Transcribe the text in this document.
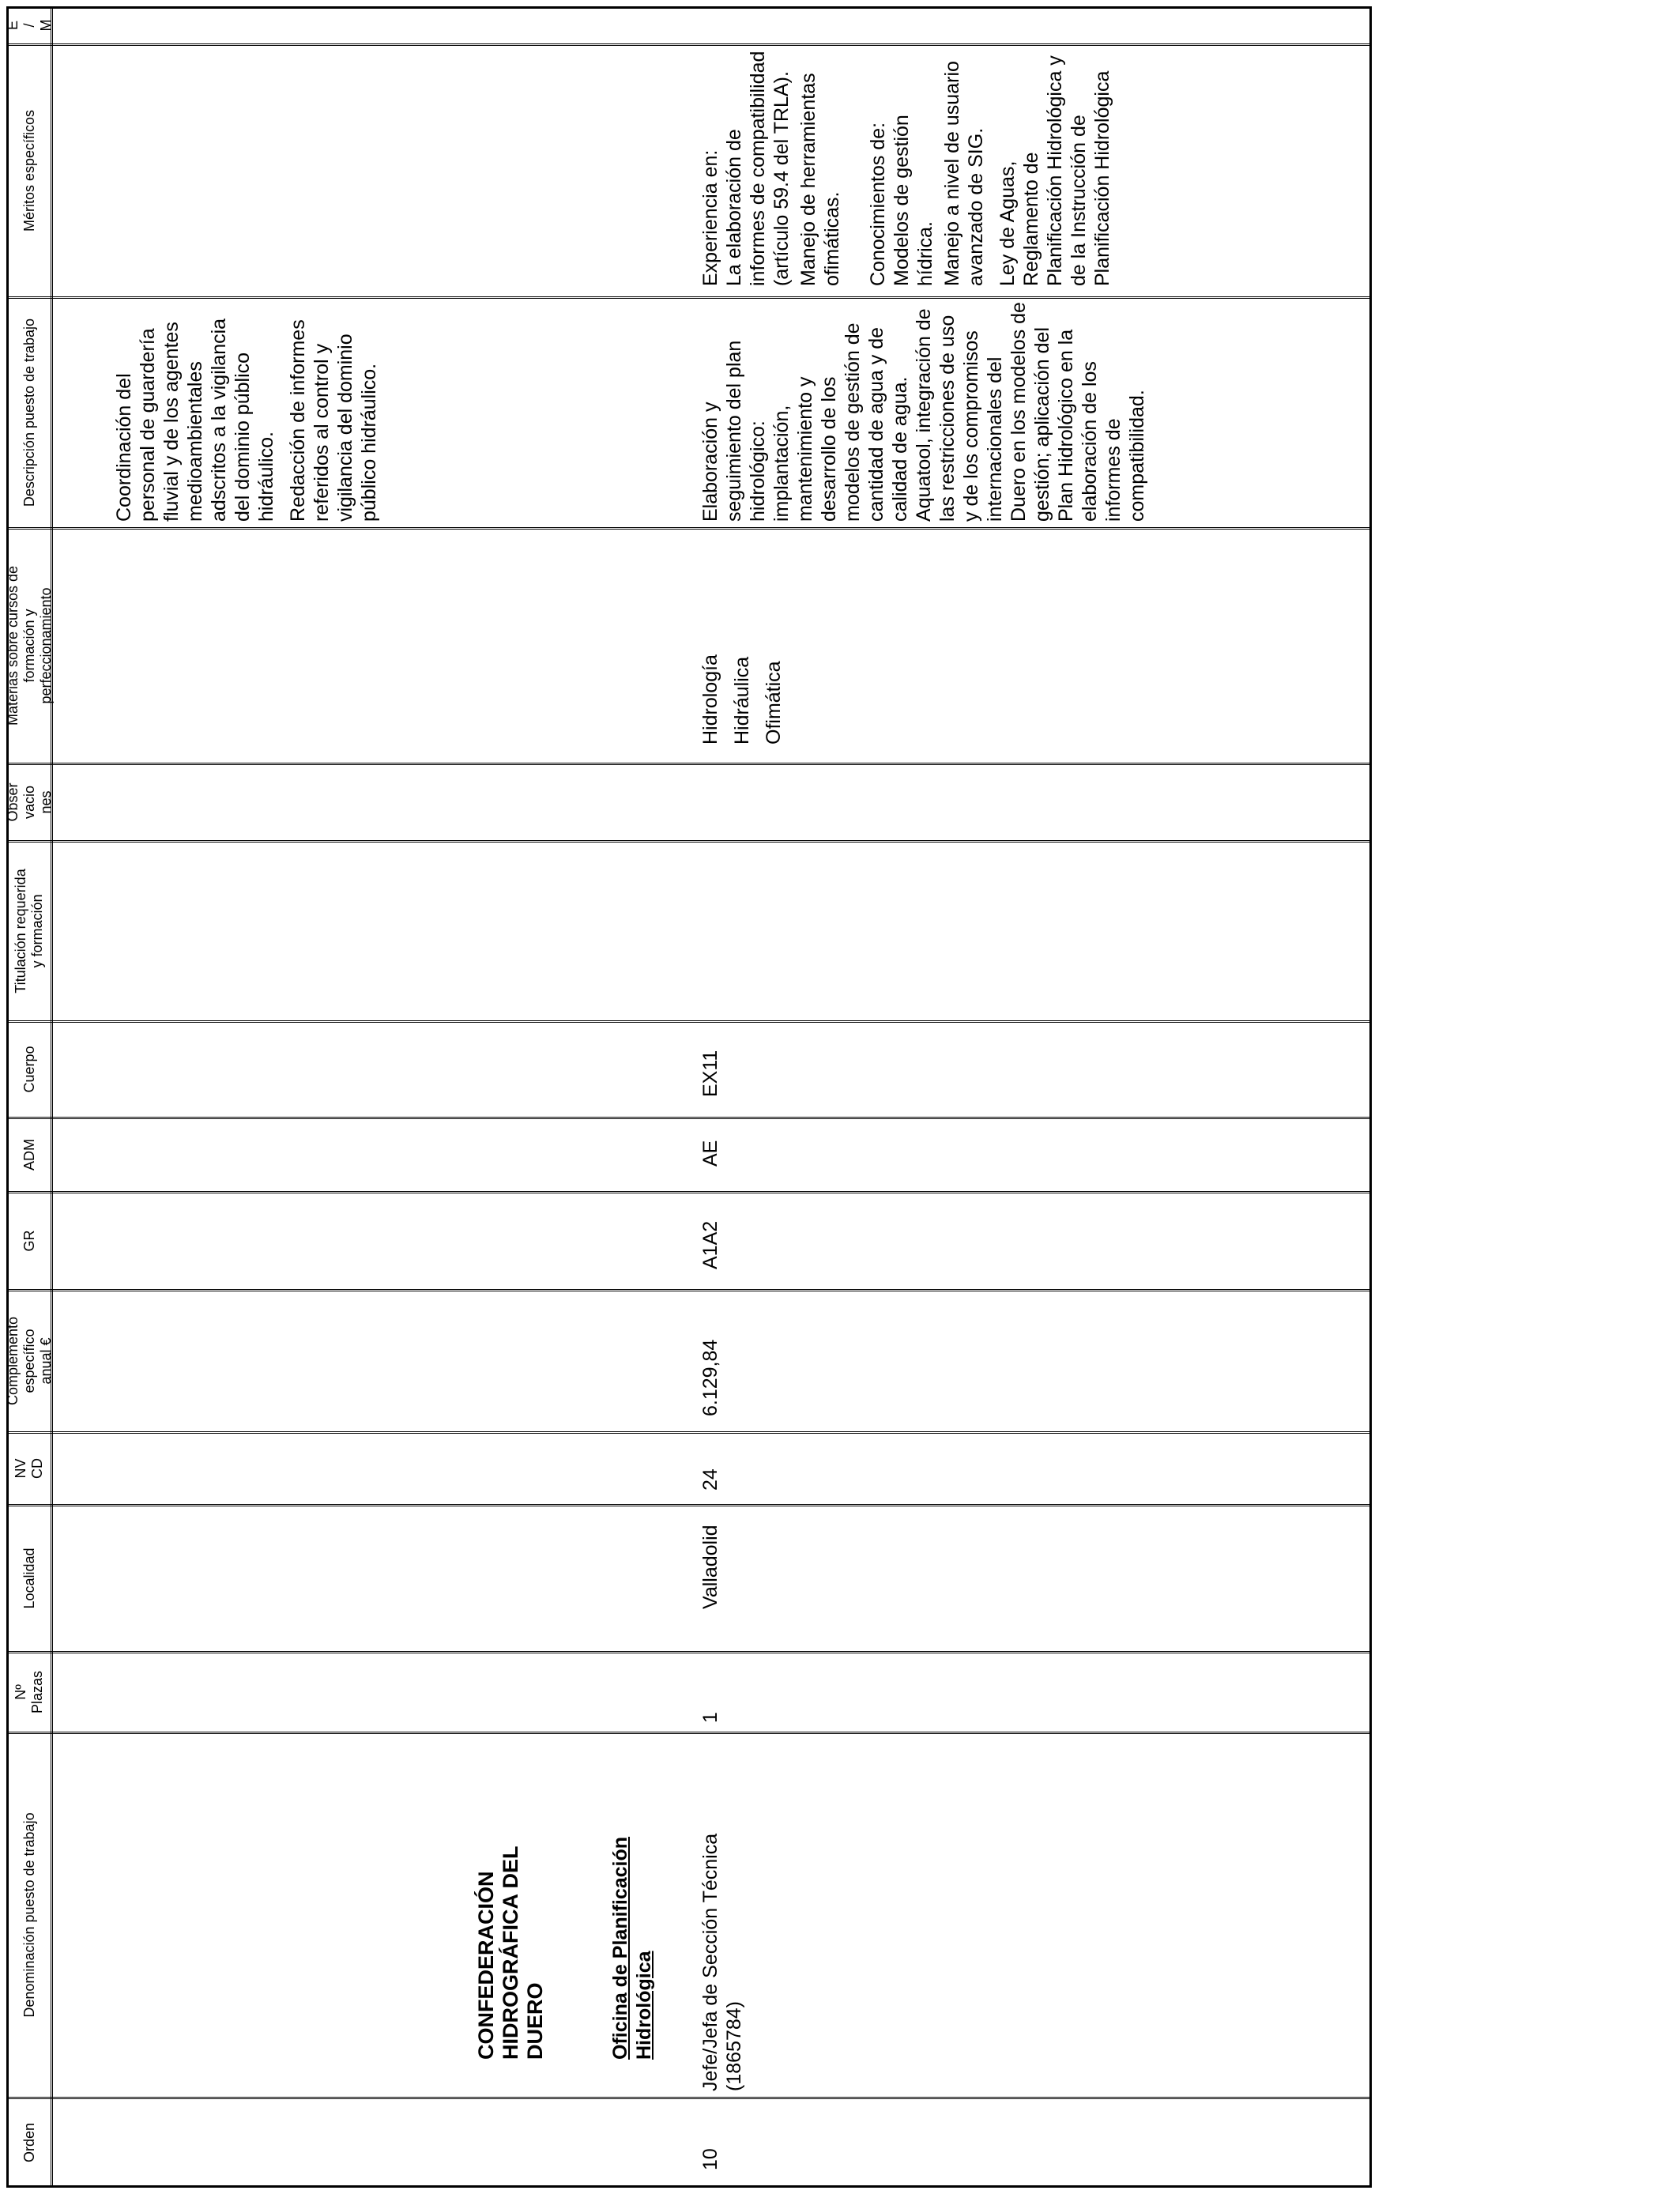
Orden
Denominación puesto de trabajo
Nº Plazas
Localidad
NV CD
Complemento específico anual €
GR
ADM
Cuerpo
Titulación requerida y formación
Obser vacio nes
Materias sobre cursos de formación y perfeccionamiento
Descripción puesto de trabajo
Méritos específicos
E / M

Coordinación del personal de guardería fluvial y de los agentes medioambientales adscritos a la vigilancia del dominio público hidráulico. Redacción de informes referidos al control y vigilancia del dominio público hidráulico.

CONFEDERACIÓN HIDROGRÁFICA DEL DUERO	Oficina de Planificación Hidrológica
10
Jefe/Jefa de Sección Técnica (1865784)
1
Valladolid
24
6.129,84
A1A2
AE
EX11

Hidrología Hidráulica Ofimática

Elaboración y seguimiento del plan hidrológico: implantación, mantenimiento y desarrollo de los modelos de gestión de cantidad de agua y de calidad de agua. Aquatool, integración de las restricciones de uso y de los compromisos internacionales del Duero en los modelos de gestión; aplicación del Plan Hidrológico en la elaboración de los informes de compatibilidad.

Experiencia en: La elaboración de informes de compatibilidad (artículo 59.4 del TRLA). Manejo de herramientas ofimáticas. Conocimientos de: Modelos de gestión hídrica. Manejo a nivel de usuario avanzado de SIG. Ley de Aguas, Reglamento de Planificación Hidrológica y de la Instrucción de Planificación Hidrológica
